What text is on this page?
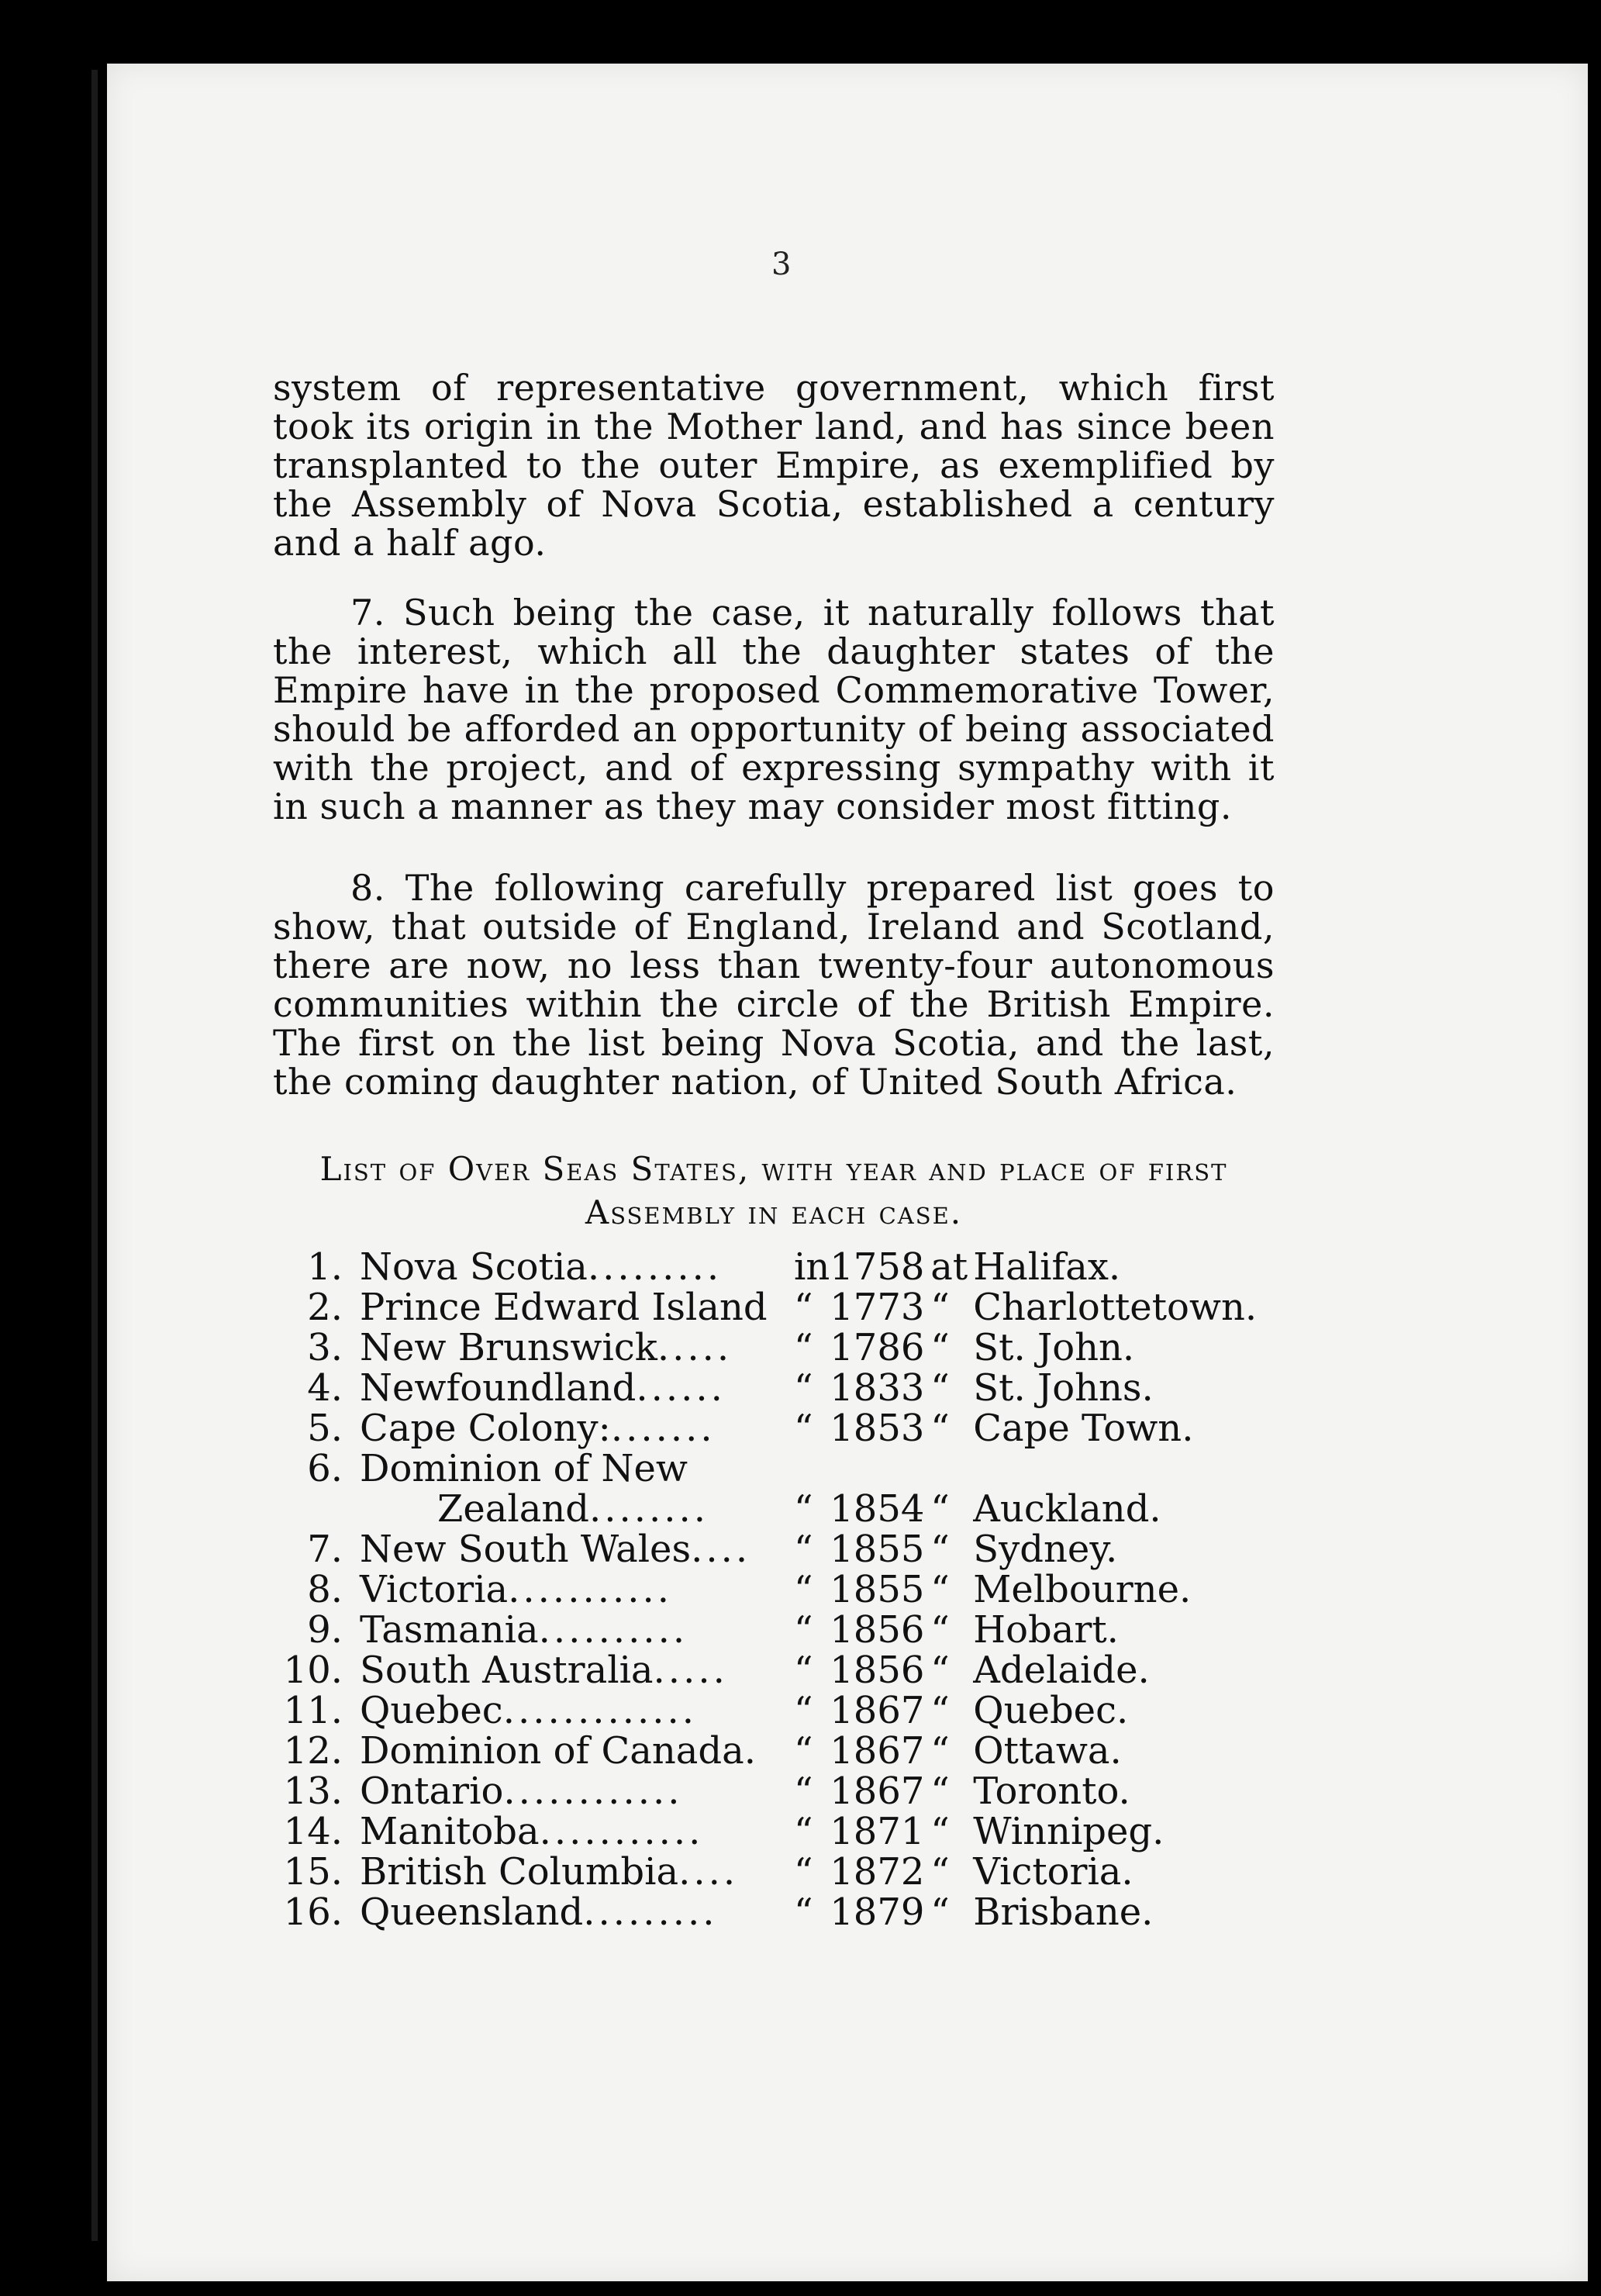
3

system of representative government, which first took its origin in the Mother land, and has since been transplanted to the outer Empire, as exemplified by the Assembly of Nova Scotia, established a century and a half ago.

7. Such being the case, it naturally follows that the interest, which all the daughter states of the Empire have in the proposed Commemorative Tower, should be afforded an opportunity of being associated with the project, and of expressing sympathy with it in such a manner as they may consider most fitting.

8. The following carefully prepared list goes to show, that outside of England, Ireland and Scotland, there are now, no less than twenty-four autonomous communities within the circle of the British Empire. The first on the list being Nova Scotia, and the last, the coming daughter nation, of United South Africa.

List of Over Seas States, with year and place of first Assembly in each case.
1.	Nova Scotia.........	in	1758	at	Halifax.
2.	Prince Edward Island	“	1773	“	Charlottetown.
3.	New Brunswick.....	“	1786	“	St. John.
4.	Newfoundland......	“	1833	“	St. Johns.
5.	Cape Colony:.......	“	1853	“	Cape Town.
6.	Dominion of New				
	Zealand........	“	1854	“	Auckland.
7.	New South Wales....	“	1855	“	Sydney.
8.	Victoria...........	“	1855	“	Melbourne.
9.	Tasmania..........	“	1856	“	Hobart.
10.	South Australia.....	“	1856	“	Adelaide.
11.	Quebec.............	“	1867	“	Quebec.
12.	Dominion of Canada.	“	1867	“	Ottawa.
13.	Ontario............	“	1867	“	Toronto.
14.	Manitoba...........	“	1871	“	Winnipeg.
15.	British Columbia....	“	1872	“	Victoria.
16.	Queensland.........	“	1879	“	Brisbane.
